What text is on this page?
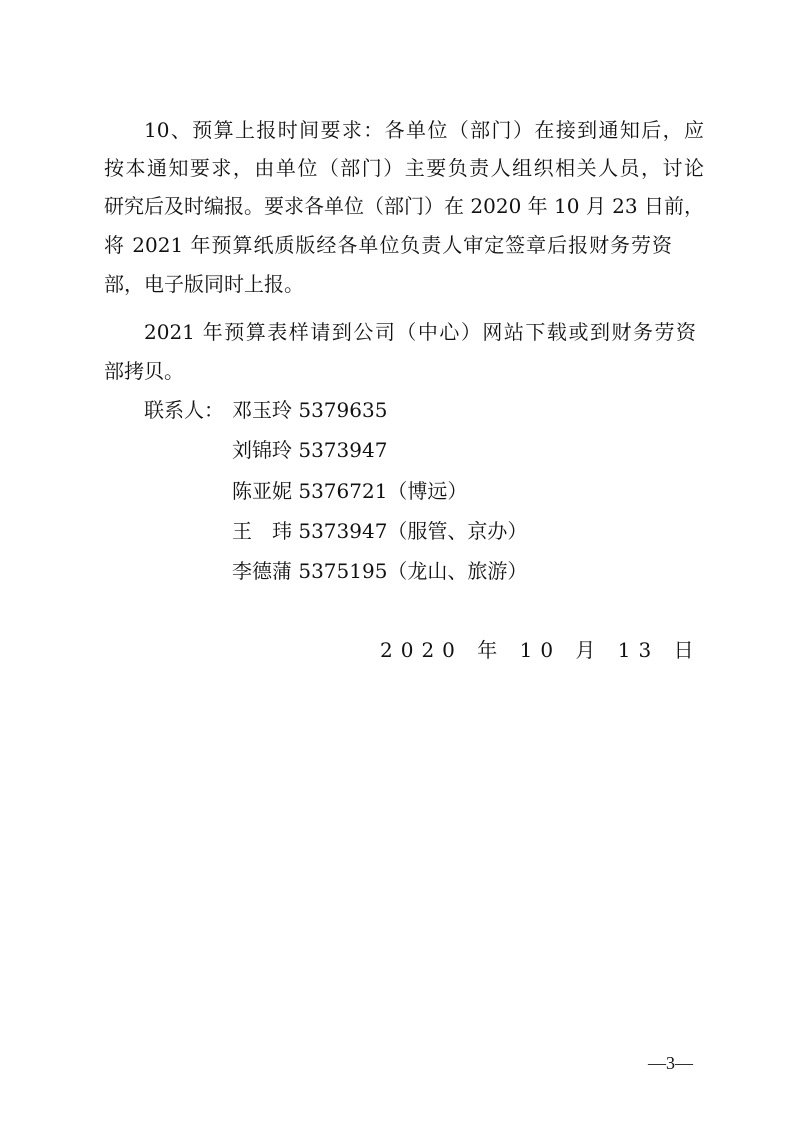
10、预算上报时间要求：各单位（部门）在接到通知后，应
按本通知要求，由单位（部门）主要负责人组织相关人员，讨论
研究后及时编报。要求各单位（部门）在 2020 年 10 月 23 日前，
将 2021 年预算纸质版经各单位负责人审定签章后报财务劳资
部，电子版同时上报。
2021 年预算表样请到公司（中心）网站下载或到财务劳资
部拷贝。
联系人： 邓玉玲 5379635
刘锦玲 5373947
陈亚妮 5376721（博远）
王　玮 5373947（服管、京办）
李德蒲 5375195（龙山、旅游）
2020 年 10 月 13 日
—3—
